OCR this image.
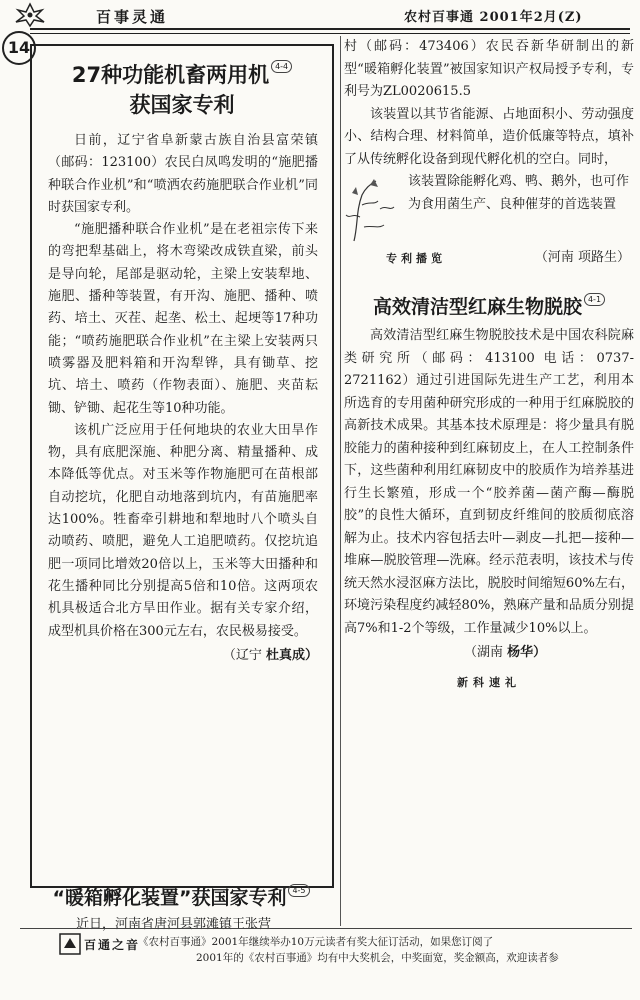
百事灵通	农村百事通 2001年2月(Z)
14
27种功能机畜两用机 4-4
获国家专利

日前，辽宁省阜新蒙古族自治县富荣镇（邮码：123100）农民白凤鸣发明的“施肥播种联合作业机”和“喷洒农药施肥联合作业机”同时获国家专利。

“施肥播种联合作业机”是在老祖宗传下来的弯把犁基础上，将木弯梁改成铁直梁，前头是导向轮，尾部是驱动轮，主梁上安装犁地、施肥、播种等装置，有开沟、施肥、播种、喷药、培土、灭茬、起垄、松土、起埂等17种功能；“喷药施肥联合作业机”在主梁上安装两只喷雾器及肥料箱和开沟犁铧，具有锄草、挖坑、培土、喷药（作物表面）、施肥、夹苗耘锄、铲锄、起花生等10种功能。

该机广泛应用于任何地块的农业大田旱作物，具有底肥深施、种肥分离、精量播种、成本降低等优点。对玉米等作物施肥可在苗根部自动挖坑，化肥自动地落到坑内，有苗施肥率达100%。牲畜牵引耕地和犁地时八个喷头自动喷药、喷肥，避免人工追肥喷药。仅挖坑追肥一项同比增效20倍以上，玉米等大田播种和花生播种同比分别提高5倍和10倍。这两项农机具极适合北方旱田作业。据有关专家介绍，成型机具价格在300元左右，农民极易接受。

（辽宁 杜真成）

“暖箱孵化装置”获国家专利 4-5

近日，河南省唐河县郭滩镇王张营

村（邮码：473406）农民吞新华研制出的新型“暖箱孵化装置”被国家知识产权局授予专利，专利号为ZL0020615.5

该装置以其节省能源、占地面积小、劳动强度小、结构合理、材料简单，造价低廉等特点，填补了从传统孵化设备到现代孵化机的空白。同时，

该装置除能孵化鸡、鸭、鹅外，也可作为食用菌生产、良种催芽的首选装置

专利播览	（河南 项路生）
高效清洁型红麻生物脱胶 4-1

高效清洁型红麻生物脱胶技术是中国农科院麻类研究所（邮码：413100 电话：0737-2721162）通过引进国际先进生产工艺，利用本所选育的专用菌种研究形成的一种用于红麻脱胶的高新技术成果。其基本技术原理是：将少量具有脱胶能力的菌种接种到红麻韧皮上，在人工控制条件下，这些菌种利用红麻韧皮中的胶质作为培养基进行生长繁殖，形成一个“胶养菌—菌产酶—酶脱胶”的良性大循环，直到韧皮纤维间的胶质彻底溶解为止。技术内容包括去叶—剥皮—扎把—接种—堆麻—脱胶管理—洗麻。经示范表明，该技术与传统天然水浸沤麻方法比，脱胶时间缩短60%左右，环境污染程度约减轻80%，熟麻产量和品质分别提高7%和1-2个等级，工作量减少10%以上。

（湖南 杨华）

新科速礼
百通之音
《农村百事通》2001年继续举办10万元读者有奖大征订活动，如果您订阅了
2001年的《农村百事通》均有中大奖机会，中奖面宽，奖金额高，欢迎读者参
